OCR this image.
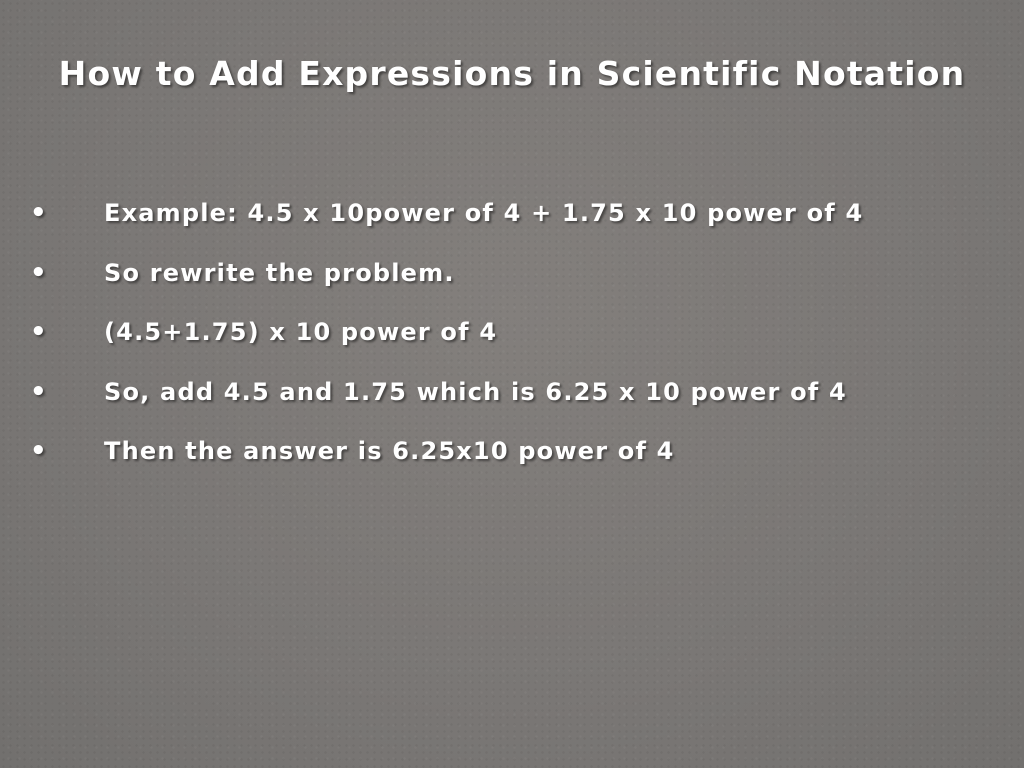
How to Add Expressions in Scientific Notation
• Example: 4.5 x 10power of 4 + 1.75 x 10 power of 4
• So rewrite the problem.
• (4.5+1.75) x 10 power of 4
• So, add 4.5 and 1.75 which is 6.25 x 10 power of 4
• Then the answer is 6.25x10 power of 4
